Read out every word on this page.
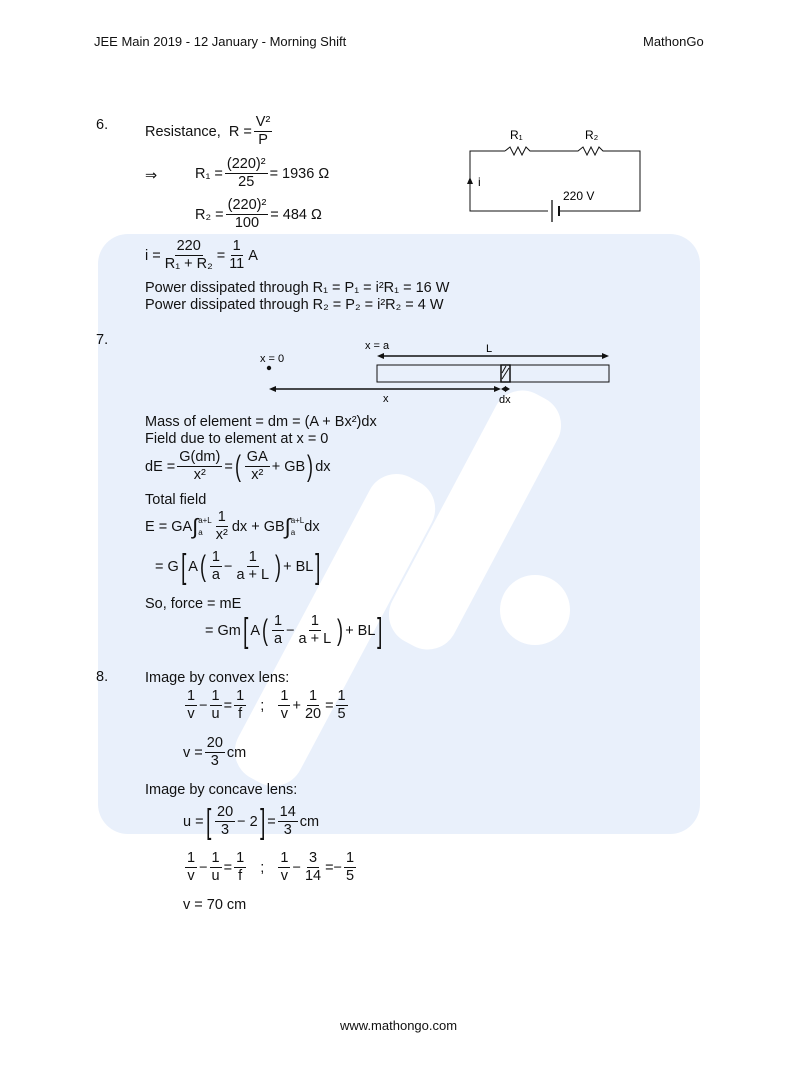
JEE Main 2019 - 12 January - Morning Shift	MathonGo
6.	Resistance,
$R = \frac{\text{V²}}{P}$
⇒	$R_1 = \frac{\text{(220)²}}{25} = 1936$ Ω
$R_2 = \frac{\text{(220)²}}{100} = 484$ Ω
R₁	R₂
i
220 V
$i = \frac{220}{\text{R₁ + R₂}} = \frac{1}{11}$ A
Power dissipated through R₁ = P₁ = i²R₁ = 16 W
Power dissipated through R₂ = P₂ = i²R₂ = 4 W
7.
x = 0
x = a	L
x	dx
Mass of element = dm = (A + Bx²)dx
Field due to element at x = 0
dE = $\frac{G(dm)}{\text{x²}}$ = ( $\frac{GA}{\text{x²}}$ + GB ) dx
Total field
E = GA ∫ a+L
a $\frac{1}{\text{x²}}$ dx + GB ∫ a+L
a dx
= G [ A ( $\frac{1}{a} - \frac{1}{a + L}$ ) + BL ]
So, force = mE
= Gm [ A ( $\frac{1}{a} - \frac{1}{a + L}$ ) + BL ]
8.	Image by convex lens:
$\frac{1}{v} - \frac{1}{u} = \frac{1}{f}$
;
$\frac{1}{v} + \frac{1}{20} = \frac{1}{5}$
$v = \frac{20}{3}$ cm
Image by concave lens:
u = [ $\frac{20}{3} - 2$ ] = $\frac{14}{3}$ cm
$\frac{1}{v} - \frac{1}{u} = \frac{1}{f}$
;
$\frac{1}{v} - \frac{3}{14} =- \frac{1}{5}$
v = 70 cm
www.mathongo.com
